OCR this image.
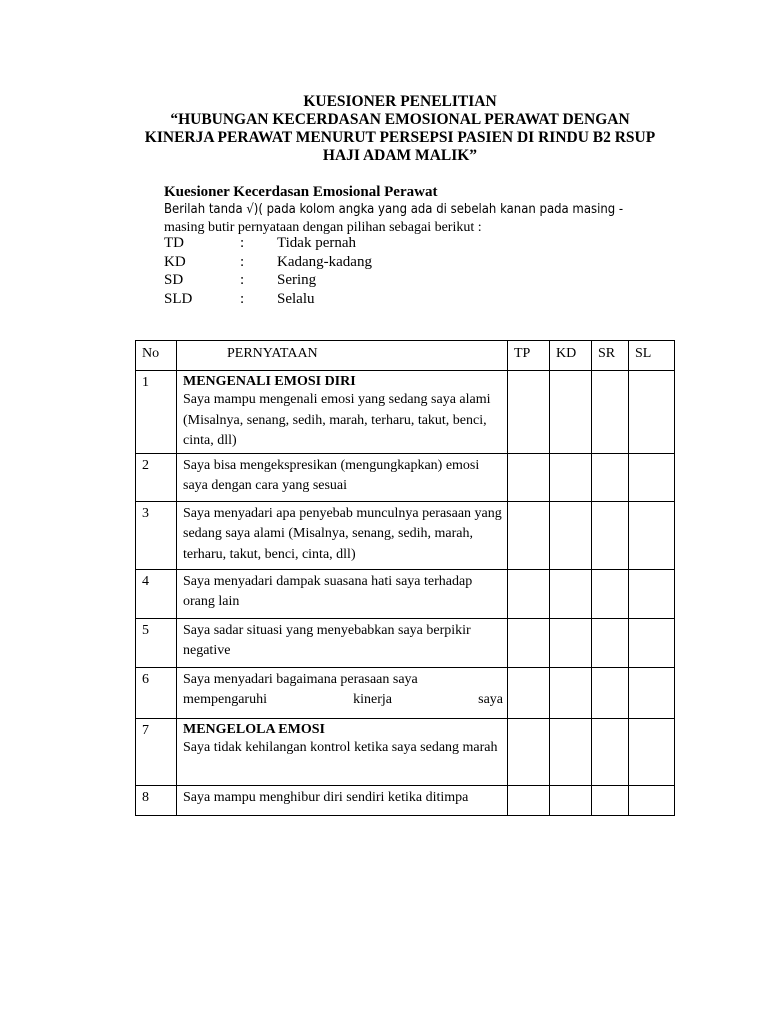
KUESIONER PENELITIAN
“HUBUNGAN KECERDASAN EMOSIONAL PERAWAT DENGAN
KINERJA PERAWAT MENURUT PERSEPSI PASIEN DI RINDU B2 RSUP
HAJI ADAM MALIK”
Kuesioner Kecerdasan Emosional Perawat
Berilah tanda √)( pada kolom angka yang ada di sebelah kanan pada masing -
masing butir pernyataan dengan pilihan sebagai berikut :
TD	: Tidak pernah
KD	: Kadang-kadang
SD	: Sering
SLD	: Selalu
No	PERNYATAAN	TP	KD	SR	SL
1	MENGENALI EMOSI DIRI
Saya mampu mengenali emosi yang sedang saya alami (Misalnya, senang, sedih, marah, terharu, takut, benci, cinta, dll)				
2	Saya bisa mengekspresikan (mengungkapkan) emosi saya dengan cara yang sesuai				
3	Saya menyadari apa penyebab munculnya perasaan yang sedang saya alami (Misalnya, senang, sedih, marah, terharu, takut, benci, cinta, dll)				
4	Saya menyadari dampak suasana hati saya terhadap orang lain				
5	Saya sadar situasi yang menyebabkan saya berpikir negative				
6	Saya menyadari bagaimana perasaan saya mempengaruhi kinerja saya				
7	MENGELOLA EMOSI
Saya tidak kehilangan kontrol ketika saya sedang marah				
8	Saya mampu menghibur diri sendiri ketika ditimpa				
